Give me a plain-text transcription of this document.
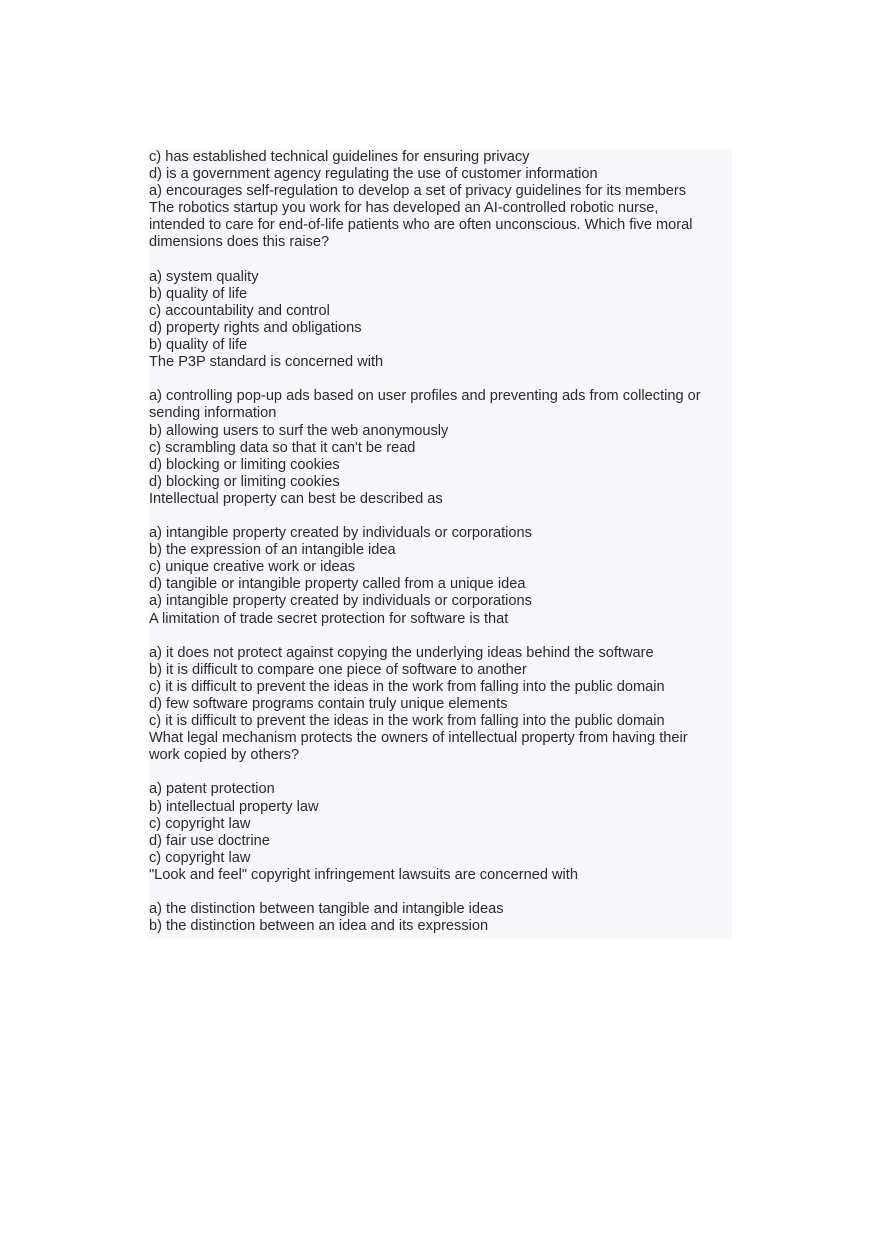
c) has established technical guidelines for ensuring privacy

d) is a government agency regulating the use of customer information

a) encourages self-regulation to develop a set of privacy guidelines for its members

The robotics startup you work for has developed an AI-controlled robotic nurse,

intended to care for end-of-life patients who are often unconscious. Which five moral

dimensions does this raise?

a) system quality

b) quality of life

c) accountability and control

d) property rights and obligations

b) quality of life

The P3P standard is concerned with

a) controlling pop-up ads based on user profiles and preventing ads from collecting or

sending information

b) allowing users to surf the web anonymously

c) scrambling data so that it can't be read

d) blocking or limiting cookies

d) blocking or limiting cookies

Intellectual property can best be described as

a) intangible property created by individuals or corporations

b) the expression of an intangible idea

c) unique creative work or ideas

d) tangible or intangible property called from a unique idea

a) intangible property created by individuals or corporations

A limitation of trade secret protection for software is that

a) it does not protect against copying the underlying ideas behind the software

b) it is difficult to compare one piece of software to another

c) it is difficult to prevent the ideas in the work from falling into the public domain

d) few software programs contain truly unique elements

c) it is difficult to prevent the ideas in the work from falling into the public domain

What legal mechanism protects the owners of intellectual property from having their

work copied by others?

a) patent protection

b) intellectual property law

c) copyright law

d) fair use doctrine

c) copyright law

"Look and feel" copyright infringement lawsuits are concerned with

a) the distinction between tangible and intangible ideas

b) the distinction between an idea and its expression
